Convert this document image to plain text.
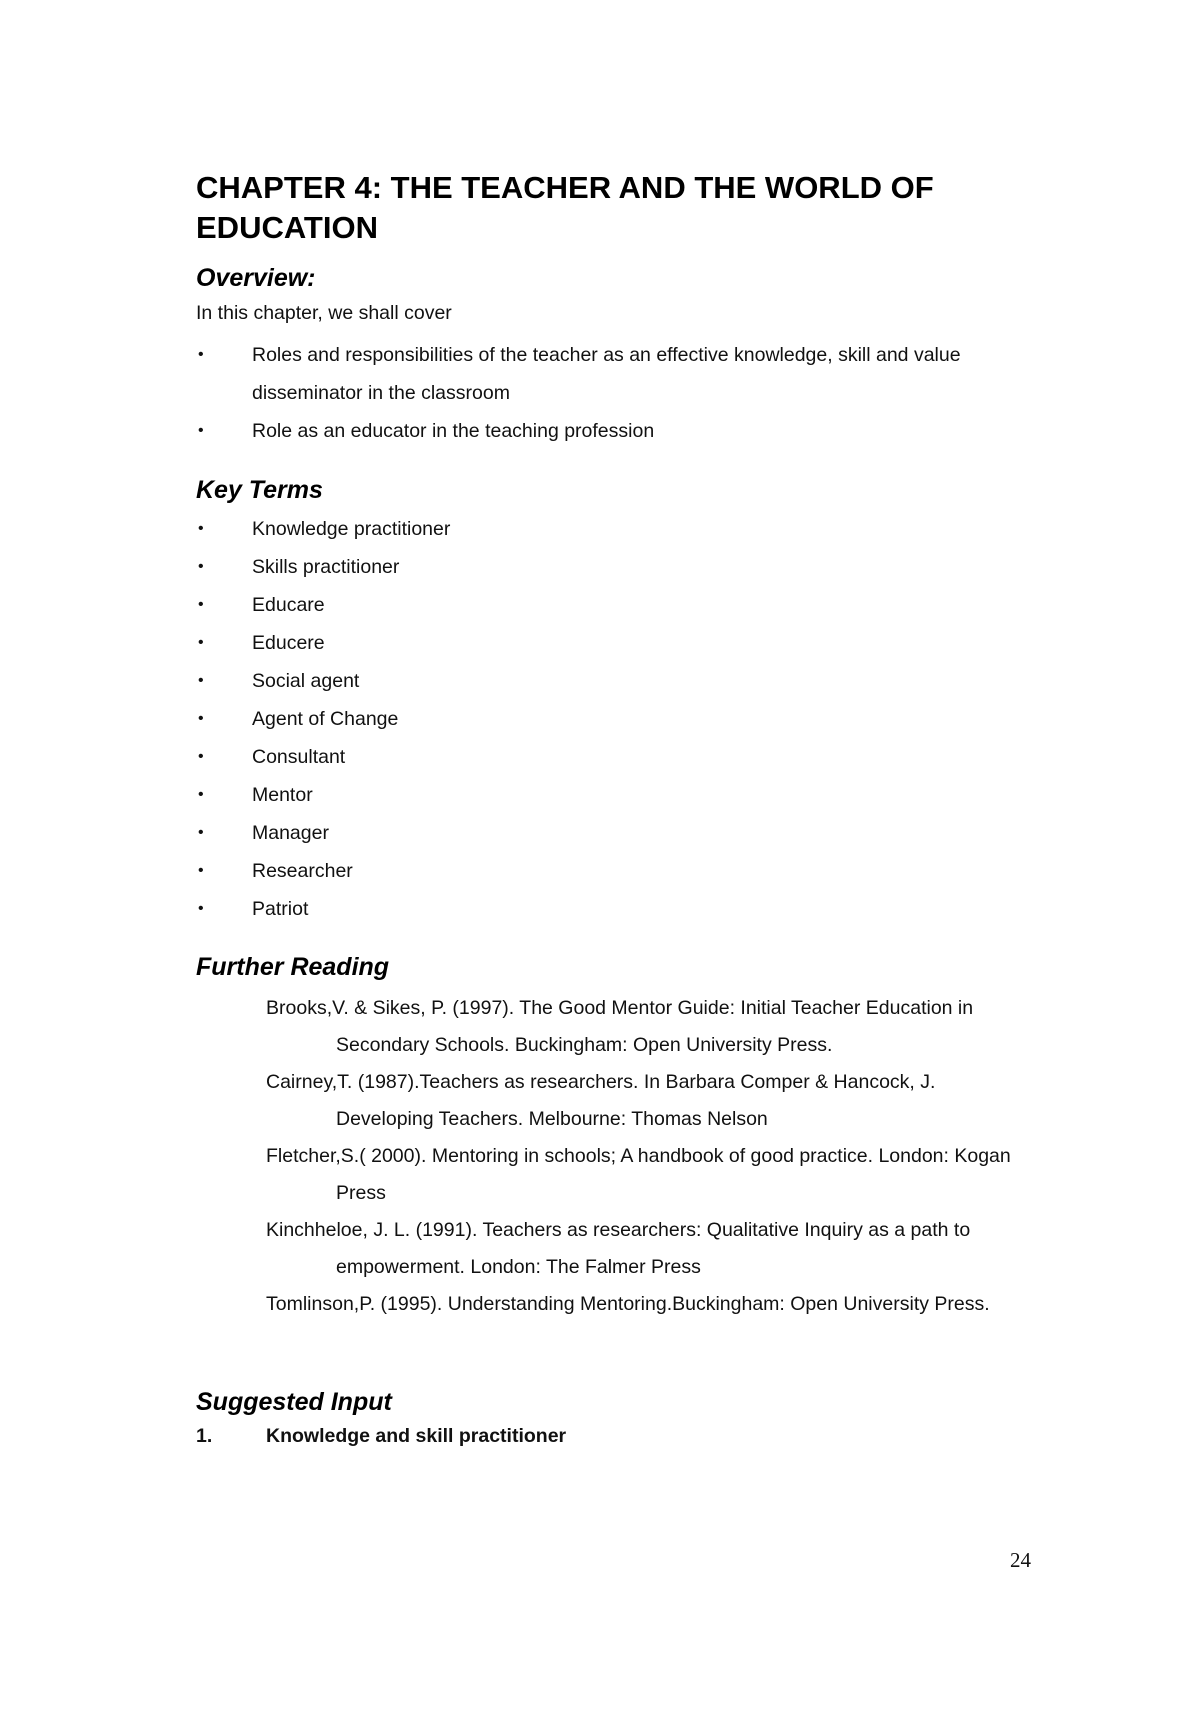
CHAPTER 4: THE TEACHER AND THE WORLD OF EDUCATION
Overview:

In this chapter, we shall cover

• Roles and responsibilities of the teacher as an effective knowledge, skill and value disseminator in the classroom
• Role as an educator in the teaching profession
Key Terms
• Knowledge practitioner
• Skills practitioner
• Educare
• Educere
• Social agent
• Agent of Change
• Consultant
• Mentor
• Manager
• Researcher
• Patriot
Further Reading
Brooks,V. & Sikes, P. (1997). The Good Mentor Guide: Initial Teacher Education in Secondary Schools. Buckingham: Open University Press.
Cairney,T. (1987).Teachers as researchers. In Barbara Comper & Hancock, J. Developing Teachers. Melbourne: Thomas Nelson
Fletcher,S.( 2000). Mentoring in schools; A handbook of good practice. London: Kogan Press
Kinchheloe, J. L. (1991). Teachers as researchers: Qualitative Inquiry as a path to empowerment. London: The Falmer Press
Tomlinson,P. (1995). Understanding Mentoring.Buckingham: Open University Press.
Suggested Input

1.	Knowledge and skill practitioner

24
